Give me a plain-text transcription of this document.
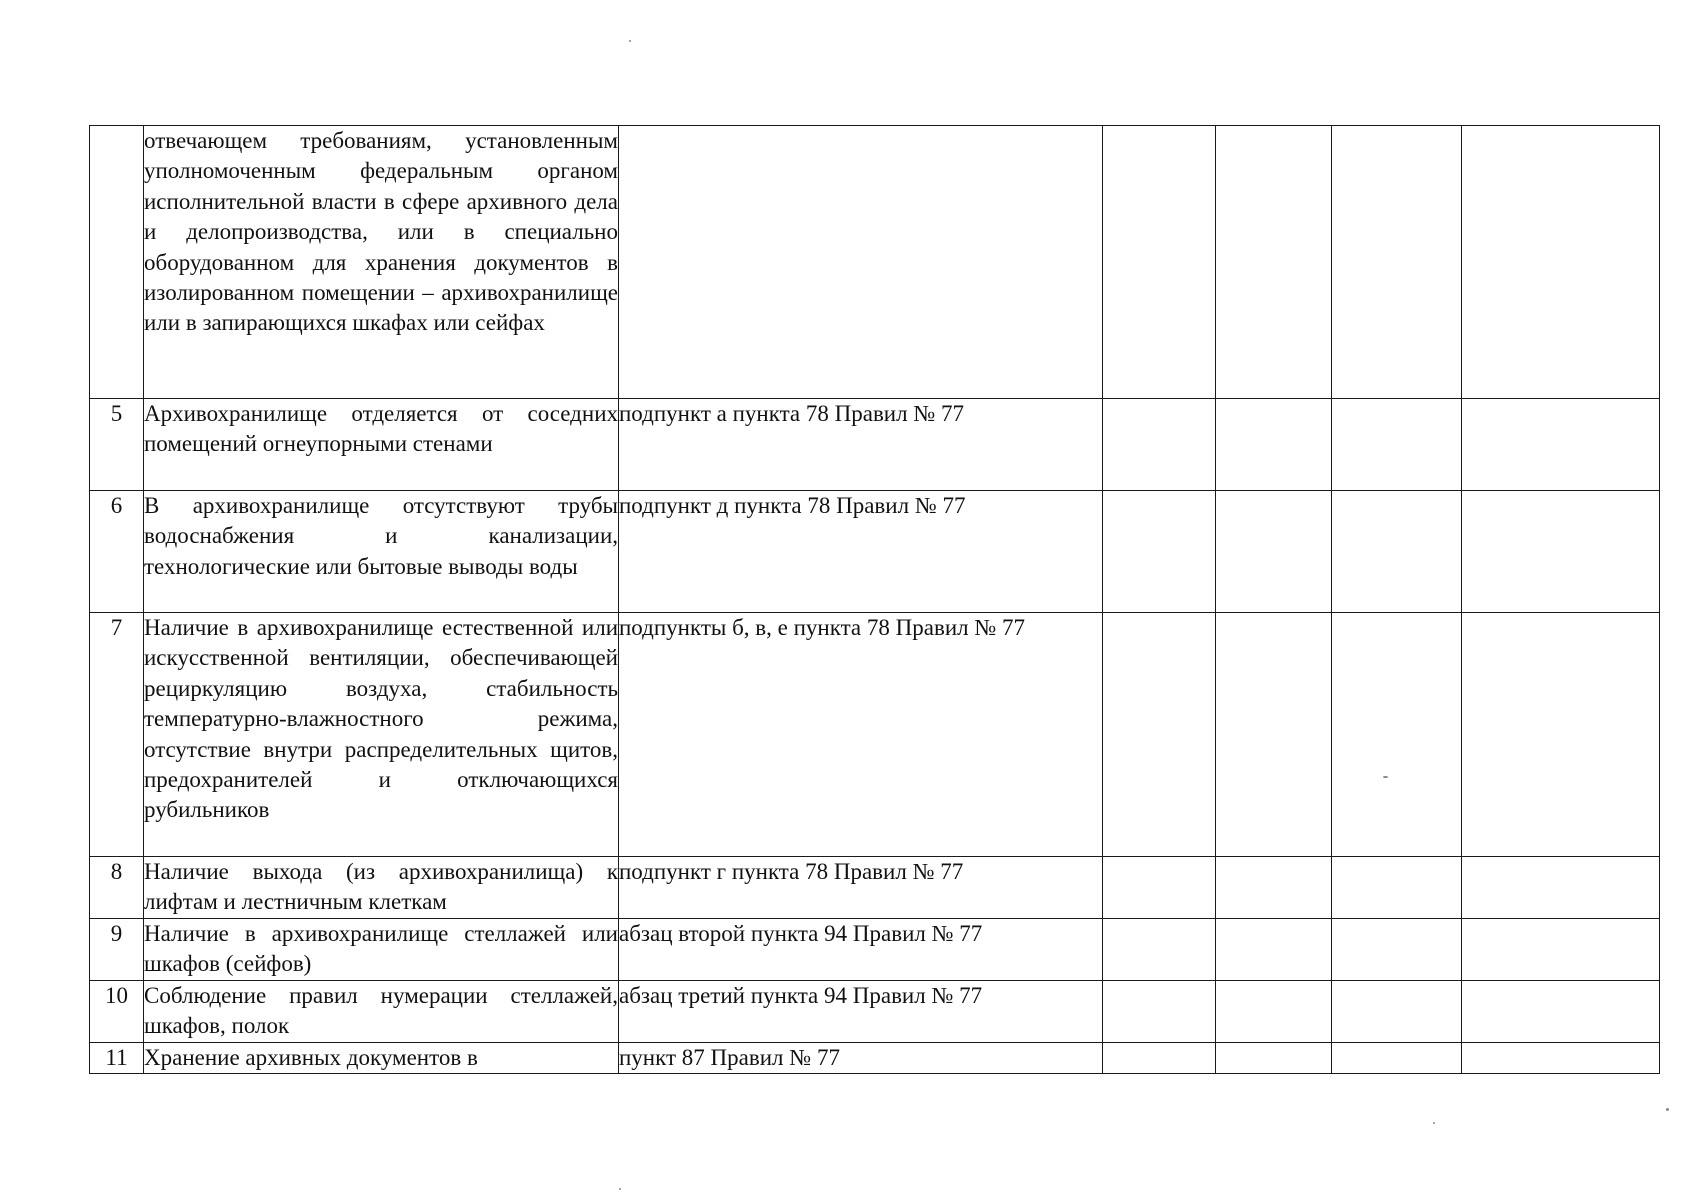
	отвечающем требованиям, установленным уполномоченным федеральным органом исполнительной власти в сфере архивного дела и делопроизводства, или в специально оборудованном для хранения документов в изолированном помещении – архивохранилище или в запирающихся шкафах или сейфах					
5	Архивохранилище отделяется от соседних помещений огнеупорными стенами	подпункт а пункта 78 Правил № 77				
6	В архивохранилище отсутствуют трубы водоснабжения и канализации, технологические или бытовые выводы воды	подпункт д пункта 78 Правил № 77				
7	Наличие в архивохранилище естественной или искусственной вентиляции, обеспечивающей рециркуляцию воздуха, стабильность температурно-влажностного режима, отсутствие внутри распределительных щитов, предохранителей и отключающихся рубильников	подпункты б, в, е пункта 78 Правил № 77				
8	Наличие выхода (из архивохранилища) к лифтам и лестничным клеткам	подпункт г пункта 78 Правил № 77				
9	Наличие в архивохранилище стеллажей или шкафов (сейфов)	абзац второй пункта 94 Правил № 77				
10	Соблюдение правил нумерации стеллажей, шкафов, полок	абзац третий пункта 94 Правил № 77				
11	Хранение архивных документов в	пункт 87 Правил № 77				
